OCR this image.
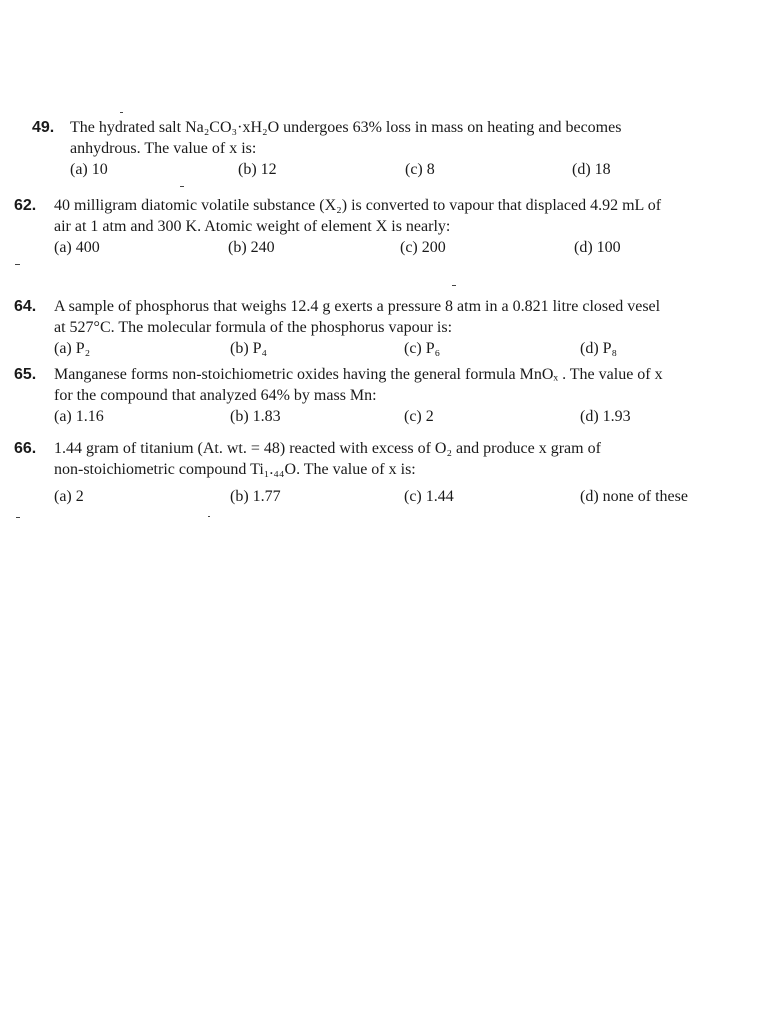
49. The hydrated salt Na₂CO₃·xH₂O undergoes 63% loss in mass on heating and becomes
anhydrous. The value of x is:
(a) 10	(b) 12	(c) 8	(d) 18
62. 40 milligram diatomic volatile substance (X₂) is converted to vapour that displaced 4.92 mL of
air at 1 atm and 300 K. Atomic weight of element X is nearly:
(a) 400	(b) 240	(c) 200	(d) 100
64. A sample of phosphorus that weighs 12.4 g exerts a pressure 8 atm in a 0.821 litre closed vesel
at 527°C. The molecular formula of the phosphorus vapour is:
(a) P₂	(b) P₄	(c) P₆	(d) P₈
65. Manganese forms non-stoichiometric oxides having the general formula MnOₓ . The value of x
for the compound that analyzed 64% by mass Mn:
(a) 1.16	(b) 1.83	(c) 2	(d) 1.93
66. 1.44 gram of titanium (At. wt. = 48) reacted with excess of O₂ and produce x gram of
non-stoichiometric compound Ti₁.₄₄O. The value of x is:
(a) 2	(b) 1.77	(c) 1.44	(d) none of these
